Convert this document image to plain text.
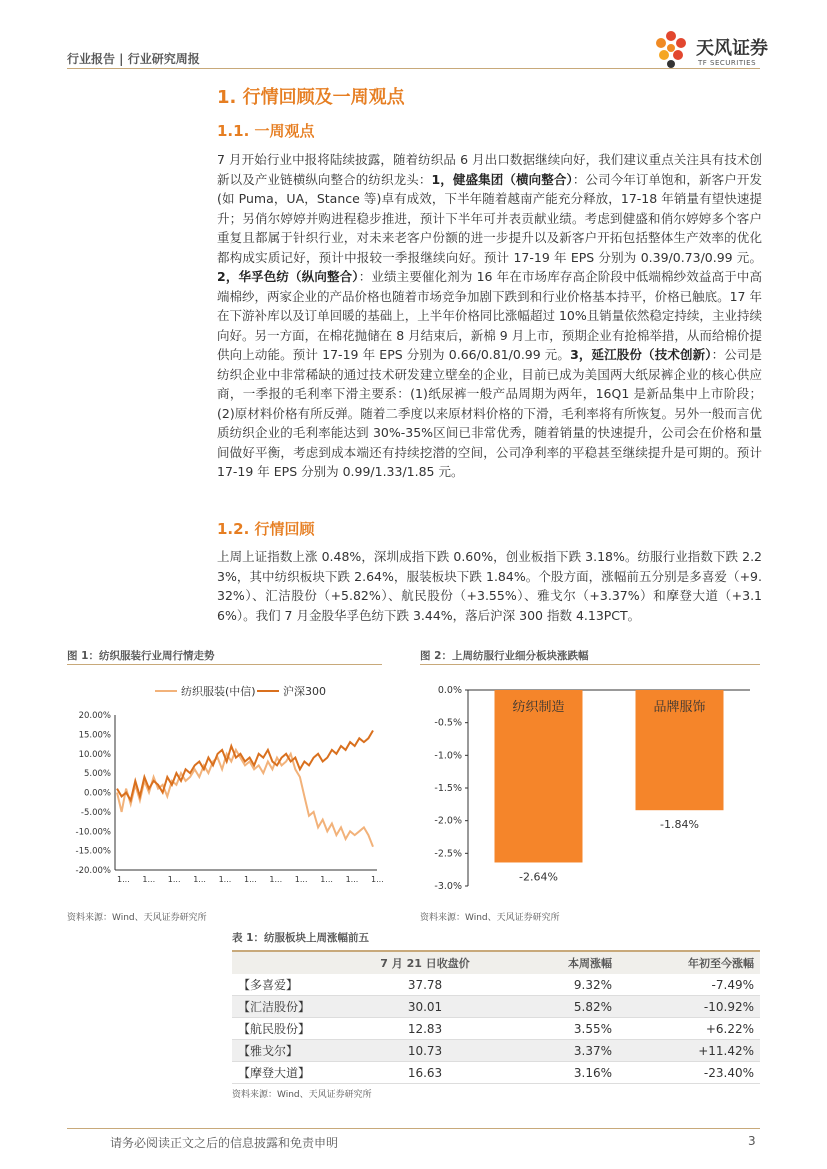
行业报告 | 行业研究周报	天风证券
TF SECURITIES
1. 行情回顾及一周观点
1.1. 一周观点
7 月开始行业中报将陆续披露，随着纺织品 6 月出口数据继续向好，我们建议重点关注具有技术创新以及产业链横纵向整合的纺织龙头：1，健盛集团（横向整合）：公司今年订单饱和，新客户开发(如 Puma，UA，Stance 等)卓有成效，下半年随着越南产能充分释放，17-18 年销量有望快速提升；另俏尔婷婷并购进程稳步推进，预计下半年可并表贡献业绩。考虑到健盛和俏尔婷婷多个客户重复且都属于针织行业，对未来老客户份额的进一步提升以及新客户开拓包括整体生产效率的优化都构成实质记好，预计中报较一季报继续向好。预计 17-19 年 EPS 分别为 0.39/0.73/0.99 元。2，华孚色纺（纵向整合）：业绩主要催化剂为 16 年在市场库存高企阶段中低端棉纱效益高于中高端棉纱，两家企业的产品价格也随着市场竞争加剧下跌到和行业价格基本持平，价格已触底。17 年在下游补库以及订单回暖的基础上，上半年价格同比涨幅超过 10%且销量依然稳定持续，主业持续向好。另一方面，在棉花抛储在 8 月结束后，新棉 9 月上市，预期企业有抢棉举措，从而给棉价提供向上动能。预计 17-19 年 EPS 分别为 0.66/0.81/0.99 元。3，延江股份（技术创新）：公司是纺织企业中非常稀缺的通过技术研发建立壁垒的企业，目前已成为美国两大纸尿裤企业的核心供应商，一季报的毛利率下滑主要系：(1)纸尿裤一般产品周期为两年，16Q1 是新品集中上市阶段；(2)原材料价格有所反弹。随着二季度以来原材料价格的下滑，毛利率将有所恢复。另外一般而言优质纺织企业的毛利率能达到 30%-35%区间已非常优秀，随着销量的快速提升，公司会在价格和量间做好平衡，考虑到成本端还有持续挖潜的空间，公司净利率的平稳甚至继续提升是可期的。预计 17-19 年 EPS 分别为 0.99/1.33/1.85 元。
1.2. 行情回顾
上周上证指数上涨 0.48%，深圳成指下跌 0.60%，创业板指下跌 3.18%。纺服行业指数下跌 2.23%，其中纺织板块下跌 2.64%，服装板块下跌 1.84%。个股方面，涨幅前五分别是多喜爱（+9.32%）、汇洁股份（+5.82%）、航民股份（+3.55%）、雅戈尔（+3.37%）和摩登大道（+3.16%）。我们 7 月金股华孚色纺下跌 3.44%，落后沪深 300 指数 4.13PCT。
图 1：纺织服装行业周行情走势
20.00%
15.00%
10.00%
5.00%
0.00%
-5.00%
-10.00%
-15.00%
-20.00%
1... 1... 1... 1... 1... 1... 1... 1... 1... 1... 1...
纺织服装(中信) 沪深300
资料来源：Wind、天风证券研究所
图 2：上周纺服行业细分板块涨跌幅
0.0%
-0.5%
-1.0%
-1.5%
-2.0%
-2.5%
-3.0%
纺织制造
-2.64%
品牌服饰
-1.84%
资料来源：Wind、天风证券研究所
表 1：纺服板块上周涨幅前五
	7 月 21 日收盘价	本周涨幅	年初至今涨幅
【多喜爱】	37.78	9.32%	-7.49%
【汇洁股份】	30.01	5.82%	-10.92%
【航民股份】	12.83	3.55%	+6.22%
【雅戈尔】	10.73	3.37%	+11.42%
【摩登大道】	16.63	3.16%	-23.40%
资料来源：Wind、天风证券研究所
请务必阅读正文之后的信息披露和免责申明	3
